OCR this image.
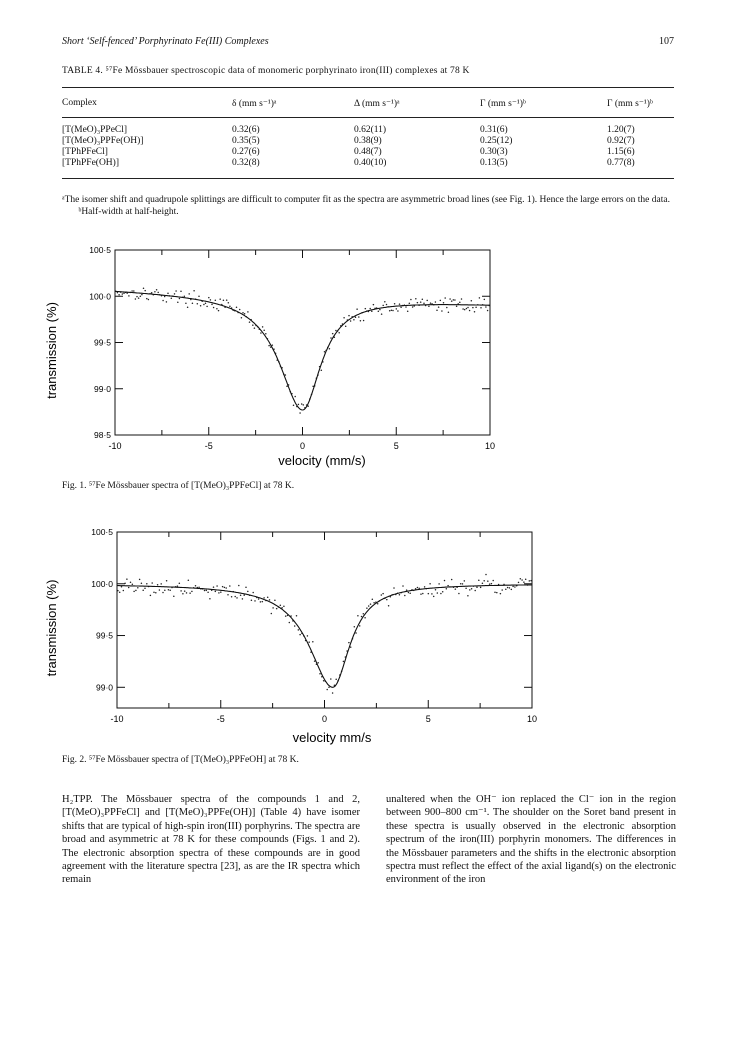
Short ‘Self-fenced’ Porphyrinato Fe(III) Complexes	107
TABLE 4. ⁵⁷Fe Mössbauer spectroscopic data of monomeric porphyrinato iron(III) complexes at 78 K
Complex	δ (mm s⁻¹)ᵃ	Δ (mm s⁻¹)ᵃ	Γ (mm s⁻¹)ᵇ	Γ (mm s⁻¹)ᵇ
[T(MeO)₃PPeCl]	0.32(6)	0.62(11)	0.31(6)	1.20(7)
[T(MeO)₃PPFe(OH)]	0.35(5)	0.38(9)	0.25(12)	0.92(7)
[TPhPFeCl]	0.27(6)	0.48(7)	0.30(3)	1.15(6)
[TPhPFe(OH)]	0.32(8)	0.40(10)	0.13(5)	0.77(8)
ᵃThe isomer shift and quadrupole splittings are difficult to computer fit as the spectra are asymmetric broad lines (see Fig. 1). Hence the large errors on the data.  ᵇHalf-width at half-height.
-10	-5	0	5	10
100·5
100·0
99·5
99·0
98·5
velocity (mm/s)
transmission (%)
Fig. 1. ⁵⁷Fe Mössbauer spectra of [T(MeO)₃PPFeCl] at 78 K.
-10	-5	0	5	10
100·5
100·0
99·5
99·0
velocity mm/s
transmission (%)
Fig. 2. ⁵⁷Fe Mössbauer spectra of [T(MeO)₃PPFeOH] at 78 K.
H₂TPP. The Mössbauer spectra of the compounds 1 and 2, [T(MeO)₃PPFeCl] and [T(MeO)₃PPFe(OH)] (Table 4) have isomer shifts that are typical of high-spin iron(III) porphyrins. The spectra are broad and asymmetric at 78 K for these compounds (Figs. 1 and 2). The electronic absorption spectra of these compounds are in good agreement with the literature spectra [23], as are the IR spectra which remain
unaltered when the OH⁻ ion replaced the Cl⁻ ion in the region between 900–800 cm⁻¹. The shoulder on the Soret band present in these spectra is usually observed in the electronic absorption spectrum of the iron(III) porphyrin monomers. The differences in the Mössbauer parameters and the shifts in the electronic absorption spectra must reflect the effect of the axial ligand(s) on the electronic environment of the iron
